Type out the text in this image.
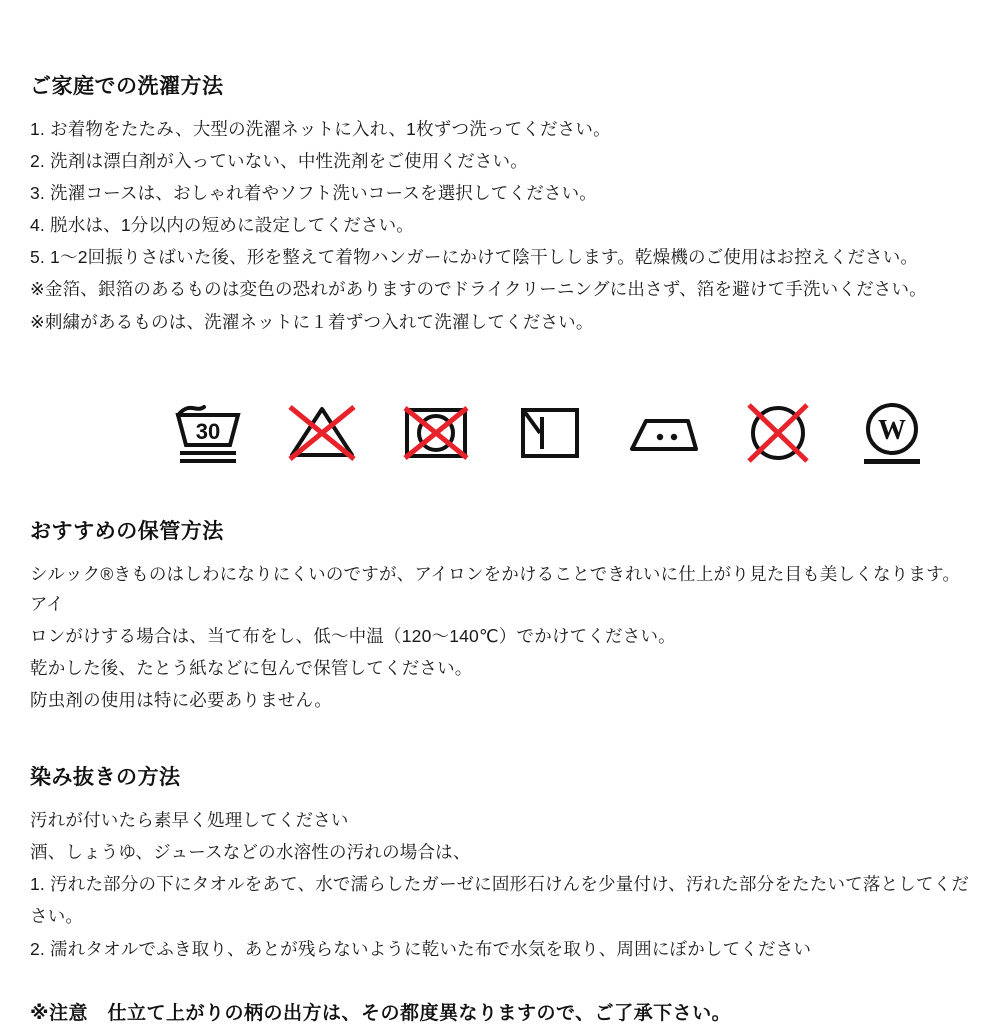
ご家庭での洗濯方法

1. お着物をたたみ、大型の洗濯ネットに入れ、1枚ずつ洗ってください。

2. 洗剤は漂白剤が入っていない、中性洗剤をご使用ください。

3. 洗濯コースは、おしゃれ着やソフト洗いコースを選択してください。

4. 脱水は、1分以内の短めに設定してください。

5. 1〜2回振りさばいた後、形を整えて着物ハンガーにかけて陰干しします。乾燥機のご使用はお控えください。

※金箔、銀箔のあるものは変色の恐れがありますのでドライクリーニングに出さず、箔を避けて手洗いください。

※刺繍があるものは、洗濯ネットに１着ずつ入れて洗濯してください。

30	W
おすすめの保管方法

シルック®きものはしわになりにくいのですが、アイロンをかけることできれいに仕上がり見た目も美しくなります。アイ

ロンがけする場合は、当て布をし、低〜中温（120〜140℃）でかけてください。

乾かした後、たとう紙などに包んで保管してください。

防虫剤の使用は特に必要ありません。

染み抜きの方法

汚れが付いたら素早く処理してください

酒、しょうゆ、ジュースなどの水溶性の汚れの場合は、

1. 汚れた部分の下にタオルをあて、水で濡らしたガーゼに固形石けんを少量付け、汚れた部分をたたいて落としてくだ

さい。

2. 濡れタオルでふき取り、あとが残らないように乾いた布で水気を取り、周囲にぼかしてください

※注意　仕立て上がりの柄の出方は、その都度異なりますので、ご了承下さい。
